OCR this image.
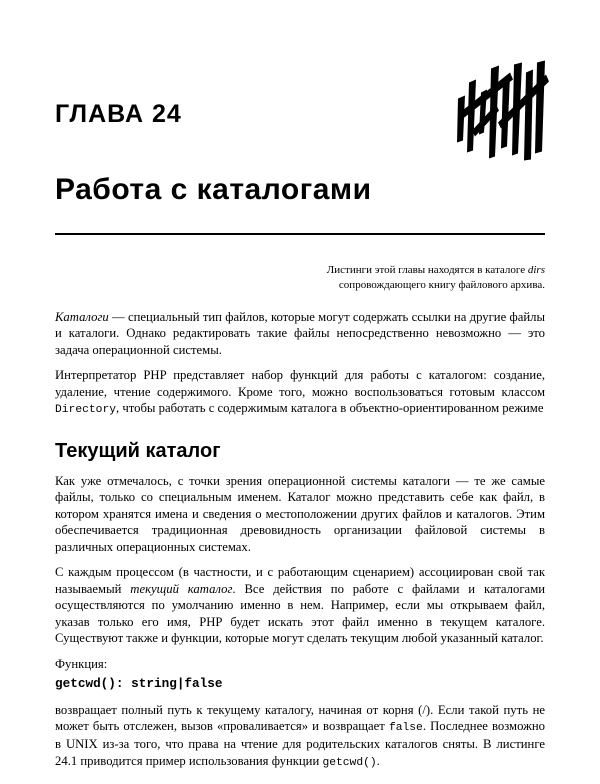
ГЛАВА 24
Работа с каталогами
Листинги этой главы находятся в каталоге dirs сопровождающего книгу файлового архива.

Каталоги — специальный тип файлов, которые могут содержать ссылки на другие файлы и каталоги. Однако редактировать такие файлы непосредственно невозможно — это задача операционной системы.

Интерпретатор PHP представляет набор функций для работы с каталогом: создание, удаление, чтение содержимого. Кроме того, можно воспользоваться готовым классом Directory, чтобы работать с содержимым каталога в объектно-ориентированном режиме

Текущий каталог

Как уже отмечалось, с точки зрения операционной системы каталоги — те же самые файлы, только со специальным именем. Каталог можно представить себе как файл, в котором хранятся имена и сведения о местоположении других файлов и каталогов. Этим обеспечивается традиционная древовидность организации файловой системы в различных операционных системах.

С каждым процессом (в частности, и с работающим сценарием) ассоциирован свой так называемый текущий каталог. Все действия по работе с файлами и каталогами осуществляются по умолчанию именно в нем. Например, если мы открываем файл, указав только его имя, PHP будет искать этот файл именно в текущем каталоге. Существуют также и функции, которые могут сделать текущим любой указанный каталог.

Функция:

getcwd(): string|false

возвращает полный путь к текущему каталогу, начиная от корня (/). Если такой путь не может быть отслежен, вызов «проваливается» и возвращает false. Последнее возможно в UNIX из-за того, что права на чтение для родительских каталогов сняты. В листинге 24.1 приводится пример использования функции getcwd().
